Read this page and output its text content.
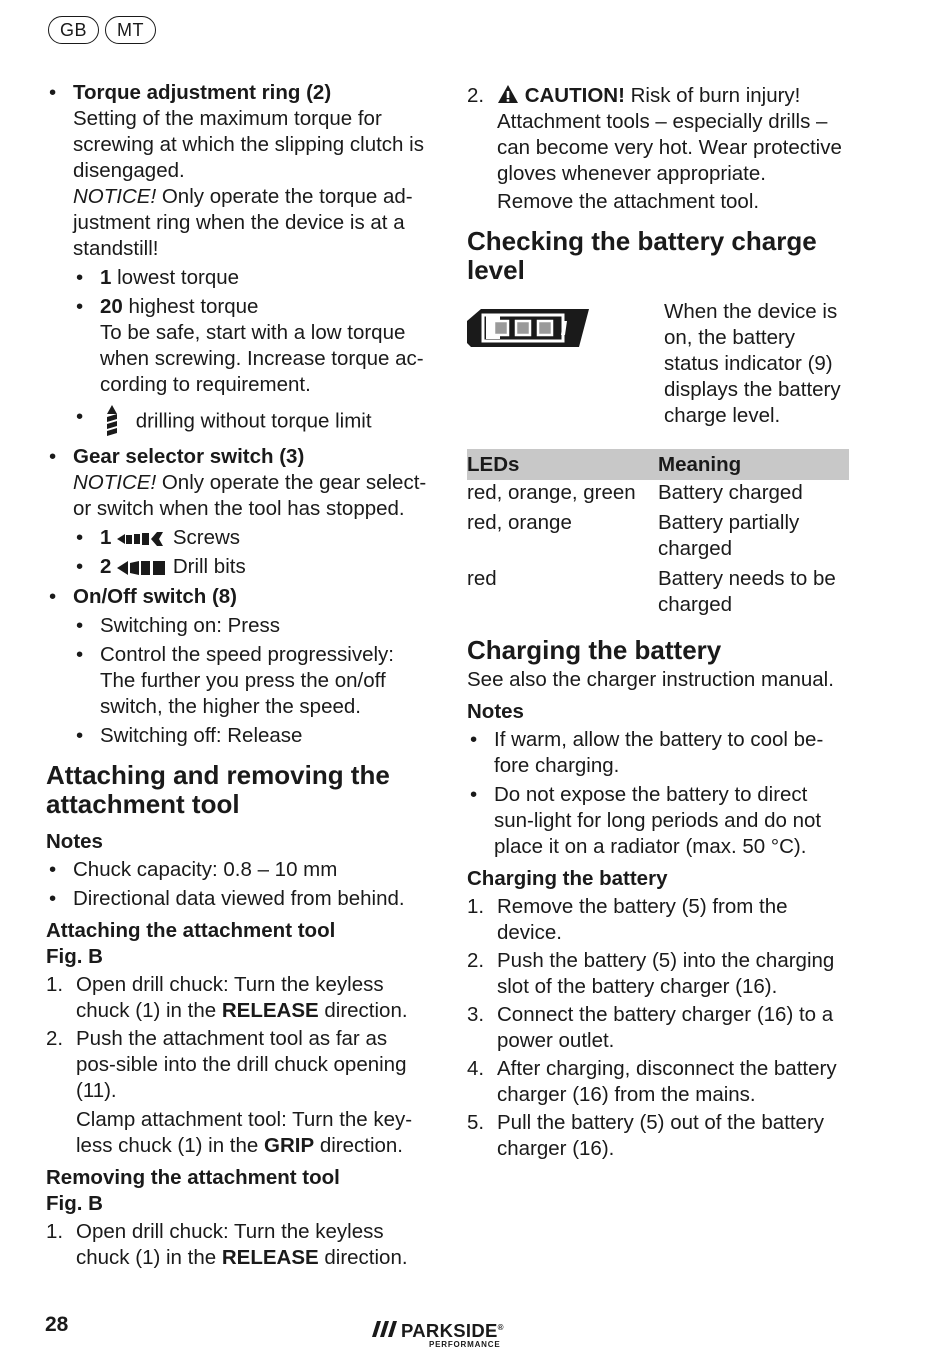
GB	MT
• Torque adjustment ring (2)

Setting of the maximum torque for screwing at which the slipping clutch is disengaged.

NOTICE! Only operate the torque ad-justment ring when the device is at a standstill!

• 1 lowest torque
• 20 highest torque

To be safe, start with a low torque when screwing. Increase torque ac-cording to requirement.

• drilling without torque limit
• Gear selector switch (3)

NOTICE! Only operate the gear select-or switch when the tool has stopped.

• 1	Screws
• 2	Drill bits
• On/Off switch (8)
• Switching on: Press
• Control the speed progressively: The further you press the on/off switch, the higher the speed.
• Switching off: Release
Attaching and removing the attachment tool
Notes
• Chuck capacity: 0.8 – 10 mm
• Directional data viewed from behind.
Attaching the attachment tool
Fig. B
1. Open drill chuck: Turn the keyless chuck (1) in the RELEASE direction.
2. Push the attachment tool as far as pos-sible into the drill chuck opening (11).

Clamp attachment tool: Turn the key-less chuck (1) in the GRIP direction.

Removing the attachment tool
Fig. B
1. Open drill chuck: Turn the keyless chuck (1) in the RELEASE direction.
2.	CAUTION! Risk of burn injury!

Attachment tools – especially drills – can become very hot. Wear protective gloves whenever appropriate.

Remove the attachment tool.

Checking the battery charge level

When the device is on, the battery status indicator (9) displays the battery charge level.

LEDs	Meaning
red, orange, green	Battery charged
red, orange	Battery partially charged
red	Battery needs to be charged
Charging the battery

See also the charger instruction manual.

Notes
• If warm, allow the battery to cool be-fore charging.
• Do not expose the battery to direct sun-light for long periods and do not place it on a radiator (max. 50 °C).
Charging the battery
1. Remove the battery (5) from the device.
2. Push the battery (5) into the charging slot of the battery charger (16).
3. Connect the battery charger (16) to a power outlet.
4. After charging, disconnect the battery charger (16) from the mains.
5. Pull the battery (5) out of the battery charger (16).
28	PARKSIDE®
PERFORMANCE
